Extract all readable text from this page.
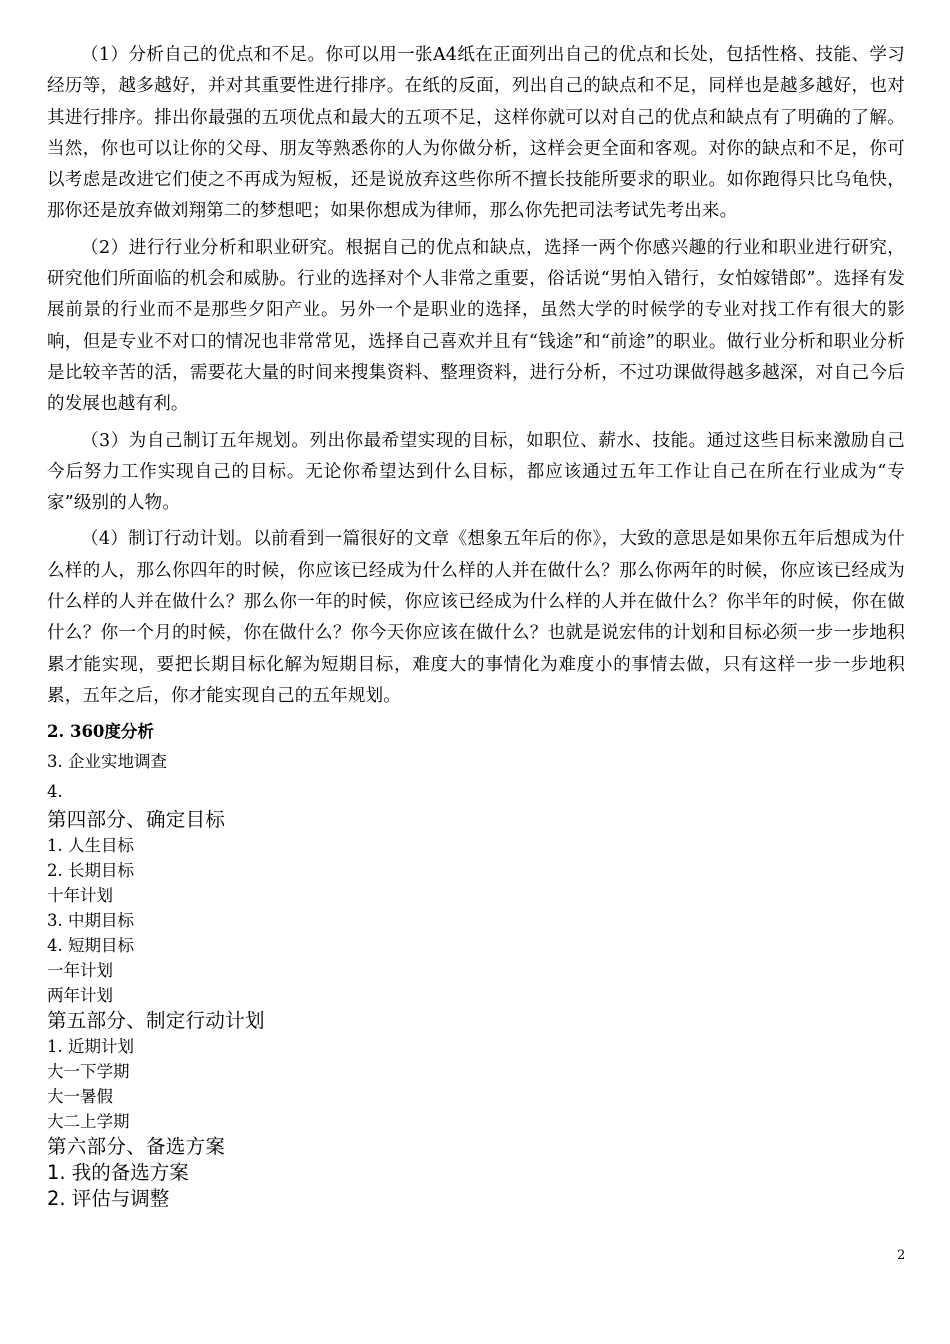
（1）分析自己的优点和不足。你可以用一张A4纸在正面列出自己的优点和长处，包括性格、技能、学习经历等，越多越好，并对其重要性进行排序。在纸的反面，列出自己的缺点和不足，同样也是越多越好，也对其进行排序。排出你最强的五项优点和最大的五项不足，这样你就可以对自己的优点和缺点有了明确的了解。当然，你也可以让你的父母、朋友等熟悉你的人为你做分析，这样会更全面和客观。对你的缺点和不足，你可以考虑是改进它们使之不再成为短板，还是说放弃这些你所不擅长技能所要求的职业。如你跑得只比乌龟快，那你还是放弃做刘翔第二的梦想吧；如果你想成为律师，那么你先把司法考试先考出来。

（2）进行行业分析和职业研究。根据自己的优点和缺点，选择一两个你感兴趣的行业和职业进行研究，研究他们所面临的机会和威胁。行业的选择对个人非常之重要，俗话说“男怕入错行，女怕嫁错郎”。选择有发展前景的行业而不是那些夕阳产业。另外一个是职业的选择，虽然大学的时候学的专业对找工作有很大的影响，但是专业不对口的情况也非常常见，选择自己喜欢并且有“钱途”和“前途”的职业。做行业分析和职业分析是比较辛苦的活，需要花大量的时间来搜集资料、整理资料，进行分析，不过功课做得越多越深，对自己今后的发展也越有利。

（3）为自己制订五年规划。列出你最希望实现的目标，如职位、薪水、技能。通过这些目标来激励自己今后努力工作实现自己的目标。无论你希望达到什么目标，都应该通过五年工作让自己在所在行业成为“专家”级别的人物。

（4）制订行动计划。以前看到一篇很好的文章《想象五年后的你》，大致的意思是如果你五年后想成为什么样的人，那么你四年的时候，你应该已经成为什么样的人并在做什么？那么你两年的时候，你应该已经成为什么样的人并在做什么？那么你一年的时候，你应该已经成为什么样的人并在做什么？你半年的时候，你在做什么？你一个月的时候，你在做什么？你今天你应该在做什么？也就是说宏伟的计划和目标必须一步一步地积累才能实现，要把长期目标化解为短期目标，难度大的事情化为难度小的事情去做，只有这样一步一步地积累，五年之后，你才能实现自己的五年规划。

2. 360度分析

3. 企业实地调查

4.

第四部分、确定目标

1. 人生目标

2. 长期目标

十年计划

3. 中期目标

4. 短期目标

一年计划

两年计划

第五部分、制定行动计划

1. 近期计划

大一下学期

大一暑假

大二上学期

第六部分、备选方案

1. 我的备选方案

2. 评估与调整

2
